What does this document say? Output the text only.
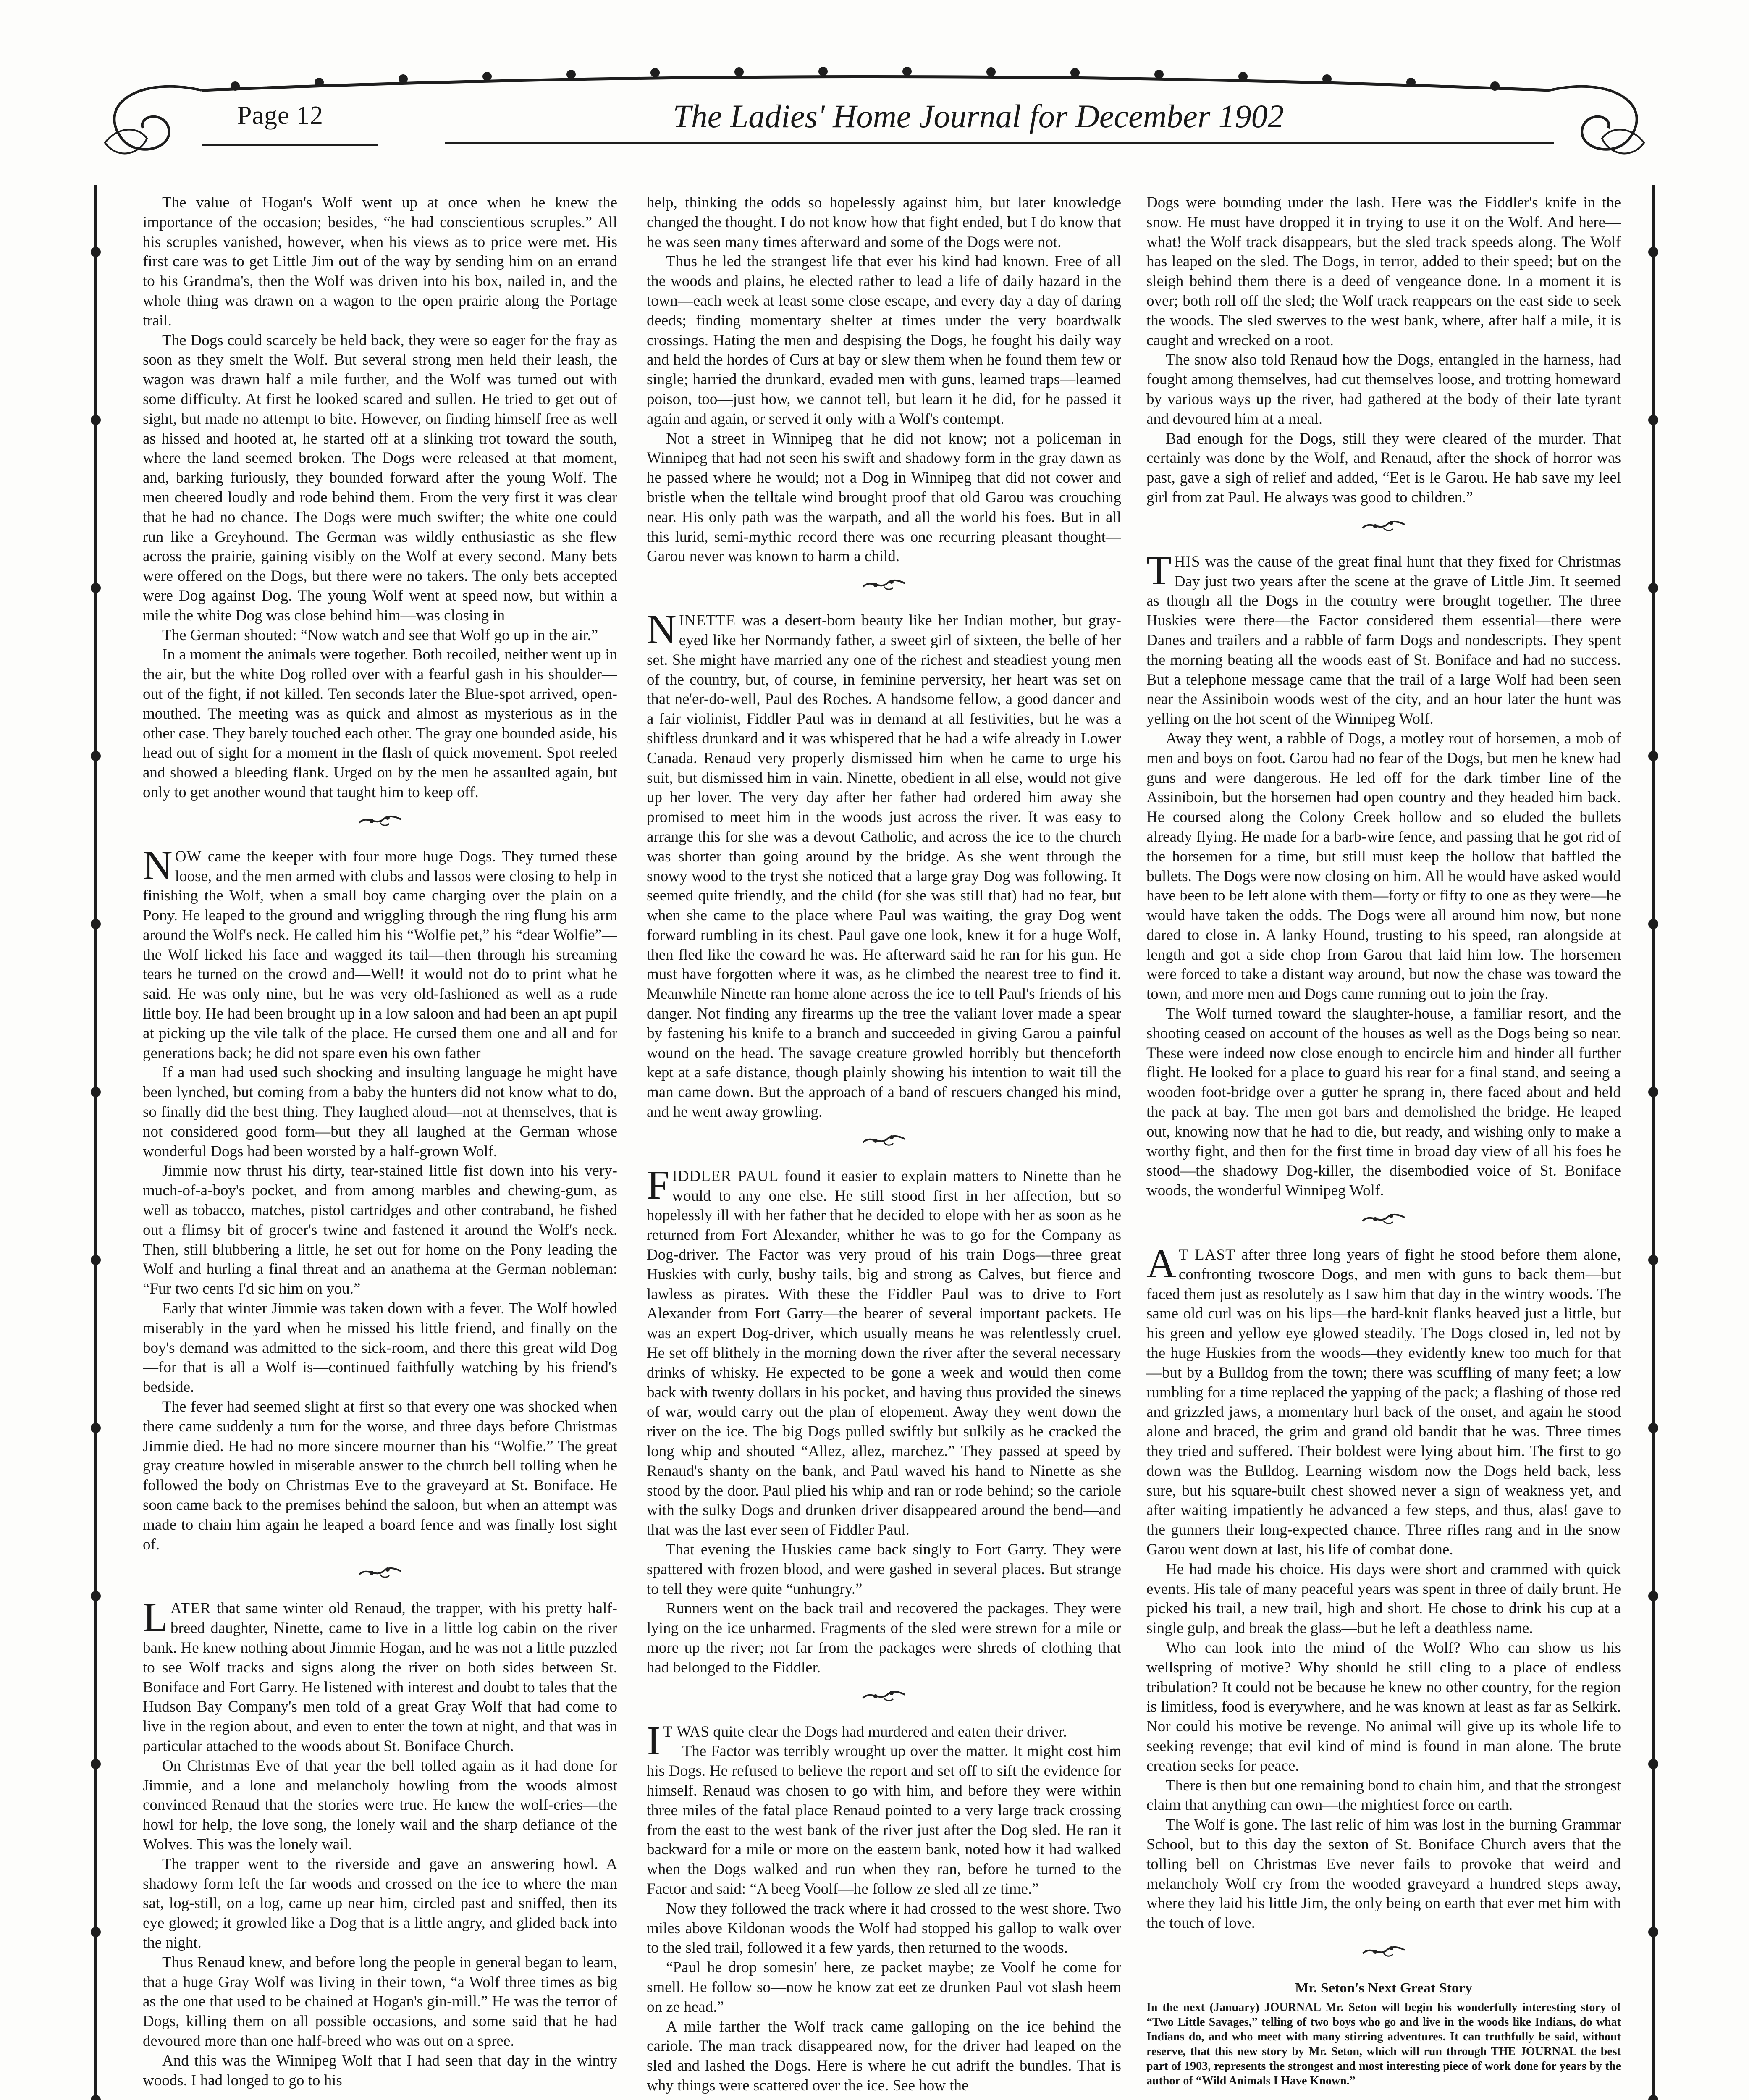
Page 12	The Ladies' Home Journal for December 1902

The value of Hogan's Wolf went up at once when he knew the importance of the occasion; besides, “he had conscientious scruples.” All his scruples vanished, however, when his views as to price were met. His first care was to get Little Jim out of the way by sending him on an errand to his Grandma's, then the Wolf was driven into his box, nailed in, and the whole thing was drawn on a wagon to the open prairie along the Portage trail.

The Dogs could scarcely be held back, they were so eager for the fray as soon as they smelt the Wolf. But several strong men held their leash, the wagon was drawn half a mile further, and the Wolf was turned out with some difficulty. At first he looked scared and sullen. He tried to get out of sight, but made no attempt to bite. However, on finding himself free as well as hissed and hooted at, he started off at a slinking trot toward the south, where the land seemed broken. The Dogs were released at that moment, and, barking furiously, they bounded forward after the young Wolf. The men cheered loudly and rode behind them. From the very first it was clear that he had no chance. The Dogs were much swifter; the white one could run like a Greyhound. The German was wildly enthusiastic as she flew across the prairie, gaining visibly on the Wolf at every second. Many bets were offered on the Dogs, but there were no takers. The only bets accepted were Dog against Dog. The young Wolf went at speed now, but within a mile the white Dog was close behind him—was closing in

The German shouted: “Now watch and see that Wolf go up in the air.”

In a moment the animals were together. Both recoiled, neither went up in the air, but the white Dog rolled over with a fearful gash in his shoulder—out of the fight, if not killed. Ten seconds later the Blue-spot arrived, open-mouthed. The meeting was as quick and almost as mysterious as in the other case. They barely touched each other. The gray one bounded aside, his head out of sight for a moment in the flash of quick movement. Spot reeled and showed a bleeding flank. Urged on by the men he assaulted again, but only to get another wound that taught him to keep off.

NOW came the keeper with four more huge Dogs. They turned these loose, and the men armed with clubs and lassos were closing to help in finishing the Wolf, when a small boy came charging over the plain on a Pony. He leaped to the ground and wriggling through the ring flung his arm around the Wolf's neck. He called him his “Wolfie pet,” his “dear Wolfie”—the Wolf licked his face and wagged its tail—then through his streaming tears he turned on the crowd and—Well! it would not do to print what he said. He was only nine, but he was very old-fashioned as well as a rude little boy. He had been brought up in a low saloon and had been an apt pupil at picking up the vile talk of the place. He cursed them one and all and for generations back; he did not spare even his own father

If a man had used such shocking and insulting language he might have been lynched, but coming from a baby the hunters did not know what to do, so finally did the best thing. They laughed aloud—not at themselves, that is not considered good form—but they all laughed at the German whose wonderful Dogs had been worsted by a half-grown Wolf.

Jimmie now thrust his dirty, tear-stained little fist down into his very-much-of-a-boy's pocket, and from among marbles and chewing-gum, as well as tobacco, matches, pistol cartridges and other contraband, he fished out a flimsy bit of grocer's twine and fastened it around the Wolf's neck. Then, still blubbering a little, he set out for home on the Pony leading the Wolf and hurling a final threat and an anathema at the German nobleman: “Fur two cents I'd sic him on you.”

Early that winter Jimmie was taken down with a fever. The Wolf howled miserably in the yard when he missed his little friend, and finally on the boy's demand was admitted to the sick-room, and there this great wild Dog—for that is all a Wolf is—continued faithfully watching by his friend's bedside.

The fever had seemed slight at first so that every one was shocked when there came suddenly a turn for the worse, and three days before Christmas Jimmie died. He had no more sincere mourner than his “Wolfie.” The great gray creature howled in miserable answer to the church bell tolling when he followed the body on Christmas Eve to the graveyard at St. Boniface. He soon came back to the premises behind the saloon, but when an attempt was made to chain him again he leaped a board fence and was finally lost sight of.

LATER that same winter old Renaud, the trapper, with his pretty half-breed daughter, Ninette, came to live in a little log cabin on the river bank. He knew nothing about Jimmie Hogan, and he was not a little puzzled to see Wolf tracks and signs along the river on both sides between St. Boniface and Fort Garry. He listened with interest and doubt to tales that the Hudson Bay Company's men told of a great Gray Wolf that had come to live in the region about, and even to enter the town at night, and that was in particular attached to the woods about St. Boniface Church.

On Christmas Eve of that year the bell tolled again as it had done for Jimmie, and a lone and melancholy howling from the woods almost convinced Renaud that the stories were true. He knew the wolf-cries—the howl for help, the love song, the lonely wail and the sharp defiance of the Wolves. This was the lonely wail.

The trapper went to the riverside and gave an answering howl. A shadowy form left the far woods and crossed on the ice to where the man sat, log-still, on a log, came up near him, circled past and sniffed, then its eye glowed; it growled like a Dog that is a little angry, and glided back into the night.

Thus Renaud knew, and before long the people in general began to learn, that a huge Gray Wolf was living in their town, “a Wolf three times as big as the one that used to be chained at Hogan's gin-mill.” He was the terror of Dogs, killing them on all possible occasions, and some said that he had devoured more than one half-breed who was out on a spree.

And this was the Winnipeg Wolf that I had seen that day in the wintry woods. I had longed to go to his

help, thinking the odds so hopelessly against him, but later knowledge changed the thought. I do not know how that fight ended, but I do know that he was seen many times afterward and some of the Dogs were not.

Thus he led the strangest life that ever his kind had known. Free of all the woods and plains, he elected rather to lead a life of daily hazard in the town—each week at least some close escape, and every day a day of daring deeds; finding momentary shelter at times under the very boardwalk crossings. Hating the men and despising the Dogs, he fought his daily way and held the hordes of Curs at bay or slew them when he found them few or single; harried the drunkard, evaded men with guns, learned traps—learned poison, too—just how, we cannot tell, but learn it he did, for he passed it again and again, or served it only with a Wolf's contempt.

Not a street in Winnipeg that he did not know; not a policeman in Winnipeg that had not seen his swift and shadowy form in the gray dawn as he passed where he would; not a Dog in Winnipeg that did not cower and bristle when the telltale wind brought proof that old Garou was crouching near. His only path was the warpath, and all the world his foes. But in all this lurid, semi-mythic record there was one recurring pleasant thought—Garou never was known to harm a child.

NINETTE was a desert-born beauty like her Indian mother, but gray-eyed like her Normandy father, a sweet girl of sixteen, the belle of her set. She might have married any one of the richest and steadiest young men of the country, but, of course, in feminine perversity, her heart was set on that ne'er-do-well, Paul des Roches. A handsome fellow, a good dancer and a fair violinist, Fiddler Paul was in demand at all festivities, but he was a shiftless drunkard and it was whispered that he had a wife already in Lower Canada. Renaud very properly dismissed him when he came to urge his suit, but dismissed him in vain. Ninette, obedient in all else, would not give up her lover. The very day after her father had ordered him away she promised to meet him in the woods just across the river. It was easy to arrange this for she was a devout Catholic, and across the ice to the church was shorter than going around by the bridge. As she went through the snowy wood to the tryst she noticed that a large gray Dog was following. It seemed quite friendly, and the child (for she was still that) had no fear, but when she came to the place where Paul was waiting, the gray Dog went forward rumbling in its chest. Paul gave one look, knew it for a huge Wolf, then fled like the coward he was. He afterward said he ran for his gun. He must have forgotten where it was, as he climbed the nearest tree to find it. Meanwhile Ninette ran home alone across the ice to tell Paul's friends of his danger. Not finding any firearms up the tree the valiant lover made a spear by fastening his knife to a branch and succeeded in giving Garou a painful wound on the head. The savage creature growled horribly but thenceforth kept at a safe distance, though plainly showing his intention to wait till the man came down. But the approach of a band of rescuers changed his mind, and he went away growling.

FIDDLER PAUL found it easier to explain matters to Ninette than he would to any one else. He still stood first in her affection, but so hopelessly ill with her father that he decided to elope with her as soon as he returned from Fort Alexander, whither he was to go for the Company as Dog-driver. The Factor was very proud of his train Dogs—three great Huskies with curly, bushy tails, big and strong as Calves, but fierce and lawless as pirates. With these the Fiddler Paul was to drive to Fort Alexander from Fort Garry—the bearer of several important packets. He was an expert Dog-driver, which usually means he was relentlessly cruel. He set off blithely in the morning down the river after the several necessary drinks of whisky. He expected to be gone a week and would then come back with twenty dollars in his pocket, and having thus provided the sinews of war, would carry out the plan of elopement. Away they went down the river on the ice. The big Dogs pulled swiftly but sulkily as he cracked the long whip and shouted “Allez, allez, marchez.” They passed at speed by Renaud's shanty on the bank, and Paul waved his hand to Ninette as she stood by the door. Paul plied his whip and ran or rode behind; so the cariole with the sulky Dogs and drunken driver disappeared around the bend—and that was the last ever seen of Fiddler Paul.

That evening the Huskies came back singly to Fort Garry. They were spattered with frozen blood, and were gashed in several places. But strange to tell they were quite “unhungry.”

Runners went on the back trail and recovered the packages. They were lying on the ice unharmed. Fragments of the sled were strewn for a mile or more up the river; not far from the packages were shreds of clothing that had belonged to the Fiddler.

I T WAS quite clear the Dogs had murdered and eaten their driver.

The Factor was terribly wrought up over the matter. It might cost him his Dogs. He refused to believe the report and set off to sift the evidence for himself. Renaud was chosen to go with him, and before they were within three miles of the fatal place Renaud pointed to a very large track crossing from the east to the west bank of the river just after the Dog sled. He ran it backward for a mile or more on the eastern bank, noted how it had walked when the Dogs walked and run when they ran, before he turned to the Factor and said: “A beeg Voolf—he follow ze sled all ze time.”

Now they followed the track where it had crossed to the west shore. Two miles above Kildonan woods the Wolf had stopped his gallop to walk over to the sled trail, followed it a few yards, then returned to the woods.

“Paul he drop somesin' here, ze packet maybe; ze Voolf he come for smell. He follow so—now he know zat eet ze drunken Paul vot slash heem on ze head.”

A mile farther the Wolf track came galloping on the ice behind the cariole. The man track disappeared now, for the driver had leaped on the sled and lashed the Dogs. Here is where he cut adrift the bundles. That is why things were scattered over the ice. See how the

Dogs were bounding under the lash. Here was the Fiddler's knife in the snow. He must have dropped it in trying to use it on the Wolf. And here—what! the Wolf track disappears, but the sled track speeds along. The Wolf has leaped on the sled. The Dogs, in terror, added to their speed; but on the sleigh behind them there is a deed of vengeance done. In a moment it is over; both roll off the sled; the Wolf track reappears on the east side to seek the woods. The sled swerves to the west bank, where, after half a mile, it is caught and wrecked on a root.

The snow also told Renaud how the Dogs, entangled in the harness, had fought among themselves, had cut themselves loose, and trotting homeward by various ways up the river, had gathered at the body of their late tyrant and devoured him at a meal.

Bad enough for the Dogs, still they were cleared of the murder. That certainly was done by the Wolf, and Renaud, after the shock of horror was past, gave a sigh of relief and added, “Eet is le Garou. He hab save my leel girl from zat Paul. He always was good to children.”

THIS was the cause of the great final hunt that they fixed for Christmas Day just two years after the scene at the grave of Little Jim. It seemed as though all the Dogs in the country were brought together. The three Huskies were there—the Factor considered them essential—there were Danes and trailers and a rabble of farm Dogs and nondescripts. They spent the morning beating all the woods east of St. Boniface and had no success. But a telephone message came that the trail of a large Wolf had been seen near the Assiniboin woods west of the city, and an hour later the hunt was yelling on the hot scent of the Winnipeg Wolf.

Away they went, a rabble of Dogs, a motley rout of horsemen, a mob of men and boys on foot. Garou had no fear of the Dogs, but men he knew had guns and were dangerous. He led off for the dark timber line of the Assiniboin, but the horsemen had open country and they headed him back. He coursed along the Colony Creek hollow and so eluded the bullets already flying. He made for a barb-wire fence, and passing that he got rid of the horsemen for a time, but still must keep the hollow that baffled the bullets. The Dogs were now closing on him. All he would have asked would have been to be left alone with them—forty or fifty to one as they were—he would have taken the odds. The Dogs were all around him now, but none dared to close in. A lanky Hound, trusting to his speed, ran alongside at length and got a side chop from Garou that laid him low. The horsemen were forced to take a distant way around, but now the chase was toward the town, and more men and Dogs came running out to join the fray.

The Wolf turned toward the slaughter-house, a familiar resort, and the shooting ceased on account of the houses as well as the Dogs being so near. These were indeed now close enough to encircle him and hinder all further flight. He looked for a place to guard his rear for a final stand, and seeing a wooden foot-bridge over a gutter he sprang in, there faced about and held the pack at bay. The men got bars and demolished the bridge. He leaped out, knowing now that he had to die, but ready, and wishing only to make a worthy fight, and then for the first time in broad day view of all his foes he stood—the shadowy Dog-killer, the disembodied voice of St. Boniface woods, the wonderful Winnipeg Wolf.

A T LAST after three long years of fight he stood before them alone, confronting twoscore Dogs, and men with guns to back them—but faced them just as resolutely as I saw him that day in the wintry woods. The same old curl was on his lips—the hard-knit flanks heaved just a little, but his green and yellow eye glowed steadily. The Dogs closed in, led not by the huge Huskies from the woods—they evidently knew too much for that—but by a Bulldog from the town; there was scuffling of many feet; a low rumbling for a time replaced the yapping of the pack; a flashing of those red and grizzled jaws, a momentary hurl back of the onset, and again he stood alone and braced, the grim and grand old bandit that he was. Three times they tried and suffered. Their boldest were lying about him. The first to go down was the Bulldog. Learning wisdom now the Dogs held back, less sure, but his square-built chest showed never a sign of weakness yet, and after waiting impatiently he advanced a few steps, and thus, alas! gave to the gunners their long-expected chance. Three rifles rang and in the snow Garou went down at last, his life of combat done.

He had made his choice. His days were short and crammed with quick events. His tale of many peaceful years was spent in three of daily brunt. He picked his trail, a new trail, high and short. He chose to drink his cup at a single gulp, and break the glass—but he left a deathless name.

Who can look into the mind of the Wolf? Who can show us his wellspring of motive? Why should he still cling to a place of endless tribulation? It could not be because he knew no other country, for the region is limitless, food is everywhere, and he was known at least as far as Selkirk. Nor could his motive be revenge. No animal will give up its whole life to seeking revenge; that evil kind of mind is found in man alone. The brute creation seeks for peace.

There is then but one remaining bond to chain him, and that the strongest claim that anything can own—the mightiest force on earth.

The Wolf is gone. The last relic of him was lost in the burning Grammar School, but to this day the sexton of St. Boniface Church avers that the tolling bell on Christmas Eve never fails to provoke that weird and melancholy Wolf cry from the wooded graveyard a hundred steps away, where they laid his little Jim, the only being on earth that ever met him with the touch of love.

Mr. Seton's Next Great Story
In the next (January) JOURNAL Mr. Seton will begin his wonderfully interesting story of “Two Little Savages,” telling of two boys who go and live in the woods like Indians, do what Indians do, and who meet with many stirring adventures. It can truthfully be said, without reserve, that this new story by Mr. Seton, which will run through THE JOURNAL the best part of 1903, represents the strongest and most interesting piece of work done for years by the author of “Wild Animals I Have Known.”
